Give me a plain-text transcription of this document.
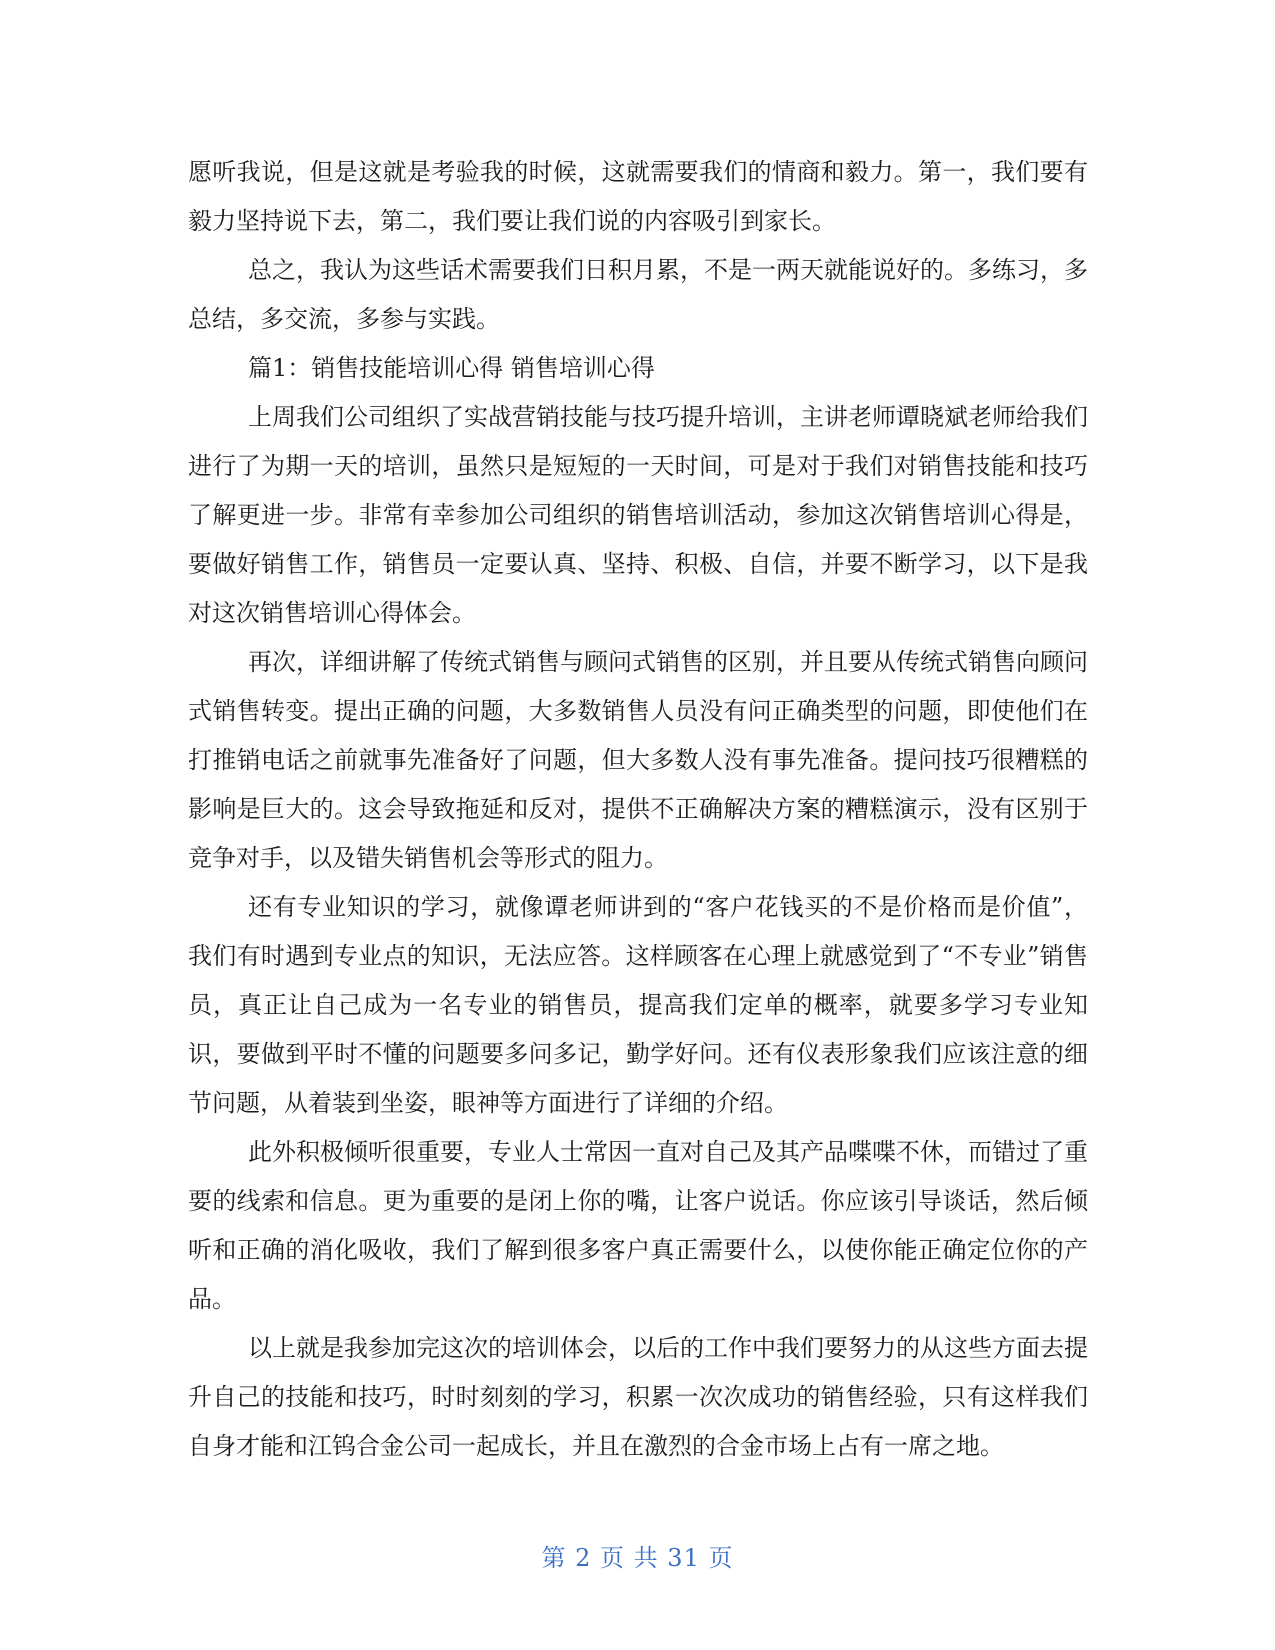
愿听我说，但是这就是考验我的时候，这就需要我们的情商和毅力。第一，我们要有毅力坚持说下去，第二，我们要让我们说的内容吸引到家长。

总之，我认为这些话术需要我们日积月累，不是一两天就能说好的。多练习，多总结，多交流，多参与实践。

篇1：销售技能培训心得 销售培训心得

上周我们公司组织了实战营销技能与技巧提升培训，主讲老师谭晓斌老师给我们进行了为期一天的培训，虽然只是短短的一天时间，可是对于我们对销售技能和技巧了解更进一步。非常有幸参加公司组织的销售培训活动，参加这次销售培训心得是，要做好销售工作，销售员一定要认真、坚持、积极、自信，并要不断学习，以下是我对这次销售培训心得体会。

再次，详细讲解了传统式销售与顾问式销售的区别，并且要从传统式销售向顾问式销售转变。提出正确的问题，大多数销售人员没有问正确类型的问题，即使他们在打推销电话之前就事先准备好了问题，但大多数人没有事先准备。提问技巧很糟糕的影响是巨大的。这会导致拖延和反对，提供不正确解决方案的糟糕演示，没有区别于竞争对手，以及错失销售机会等形式的阻力。

还有专业知识的学习，就像谭老师讲到的“客户花钱买的不是价格而是价值”，我们有时遇到专业点的知识，无法应答。这样顾客在心理上就感觉到了“不专业”销售员，真正让自己成为一名专业的销售员，提高我们定单的概率，就要多学习专业知识，要做到平时不懂的问题要多问多记，勤学好问。还有仪表形象我们应该注意的细节问题，从着装到坐姿，眼神等方面进行了详细的介绍。

此外积极倾听很重要，专业人士常因一直对自己及其产品喋喋不休，而错过了重要的线索和信息。更为重要的是闭上你的嘴，让客户说话。你应该引导谈话，然后倾听和正确的消化吸收，我们了解到很多客户真正需要什么，以使你能正确定位你的产品。

以上就是我参加完这次的培训体会，以后的工作中我们要努力的从这些方面去提升自己的技能和技巧，时时刻刻的学习，积累一次次成功的销售经验，只有这样我们自身才能和江钨合金公司一起成长，并且在激烈的合金市场上占有一席之地。

第 2 页 共 31 页
